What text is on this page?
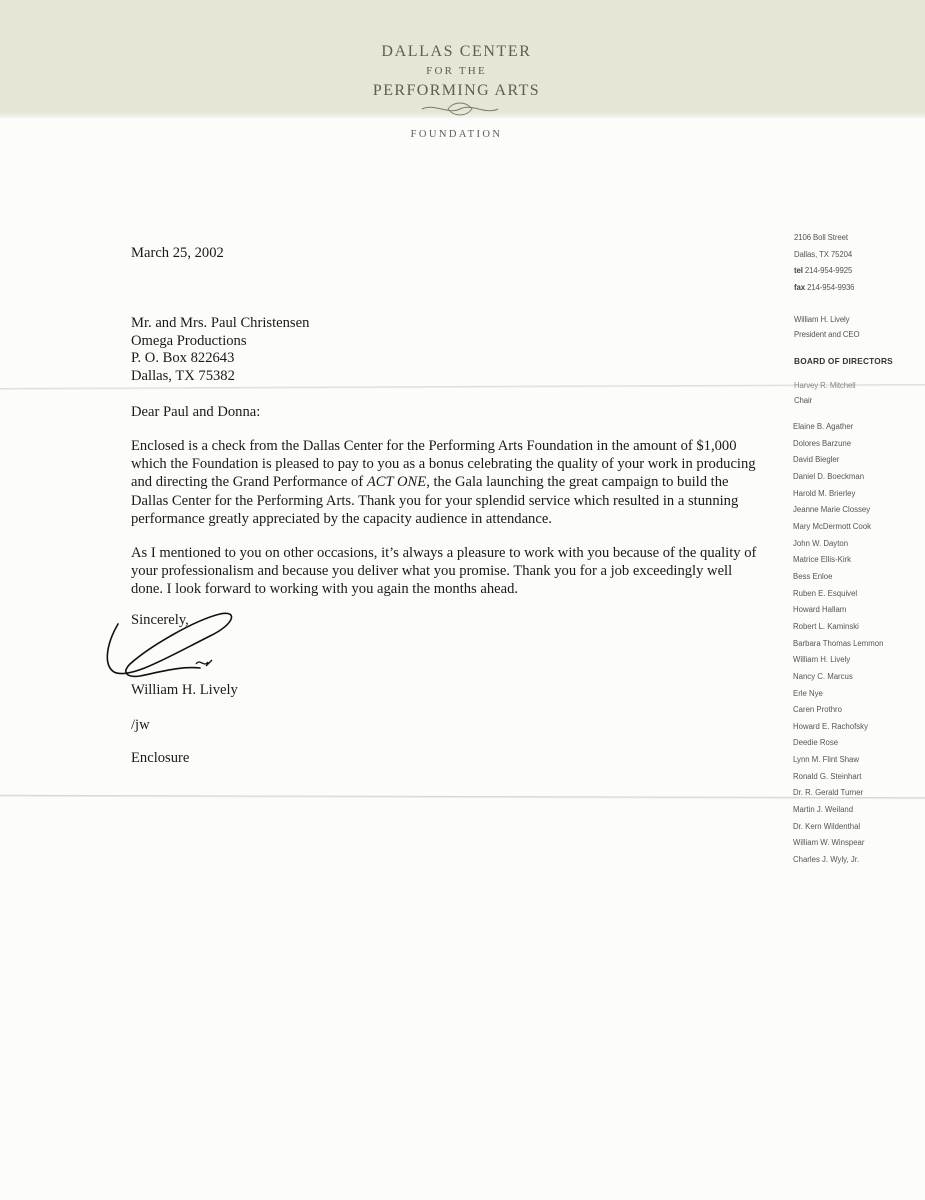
DALLAS CENTER
FOR THE
PERFORMING ARTS
FOUNDATION
2106 Boll Street
Dallas, TX 75204
tel 214-954-9925
fax 214-954-9936
William H. Lively
President and CEO
BOARD OF DIRECTORS
Harvey R. Mitchell
Chair
Elaine B. Agather
Dolores Barzune
David Biegler
Daniel D. Boeckman
Harold M. Brierley
Jeanne Marie Clossey
Mary McDermott Cook
John W. Dayton
Matrice Ellis-Kirk
Bess Enloe
Ruben E. Esquivel
Howard Hallam
Robert L. Kaminski
Barbara Thomas Lemmon
William H. Lively
Nancy C. Marcus
Erle Nye
Caren Prothro
Howard E. Rachofsky
Deedie Rose
Lynn M. Flint Shaw
Ronald G. Steinhart
Dr. R. Gerald Turner
Martin J. Weiland
Dr. Kern Wildenthal
William W. Winspear
Charles J. Wyly, Jr.
March 25, 2002
Mr. and Mrs. Paul Christensen
Omega Productions
P. O. Box 822643
Dallas, TX 75382
Dear Paul and Donna:
Enclosed is a check from the Dallas Center for the Performing Arts Foundation in the amount of $1,000
which the Foundation is pleased to pay to you as a bonus celebrating the quality of your work in producing
and directing the Grand Performance of ACT ONE, the Gala launching the great campaign to build the
Dallas Center for the Performing Arts. Thank you for your splendid service which resulted in a stunning
performance greatly appreciated by the capacity audience in attendance.
As I mentioned to you on other occasions, it’s always a pleasure to work with you because of the quality of
your professionalism and because you deliver what you promise. Thank you for a job exceedingly well
done. I look forward to working with you again the months ahead.
Sincerely,
William H. Lively
/jw
Enclosure
